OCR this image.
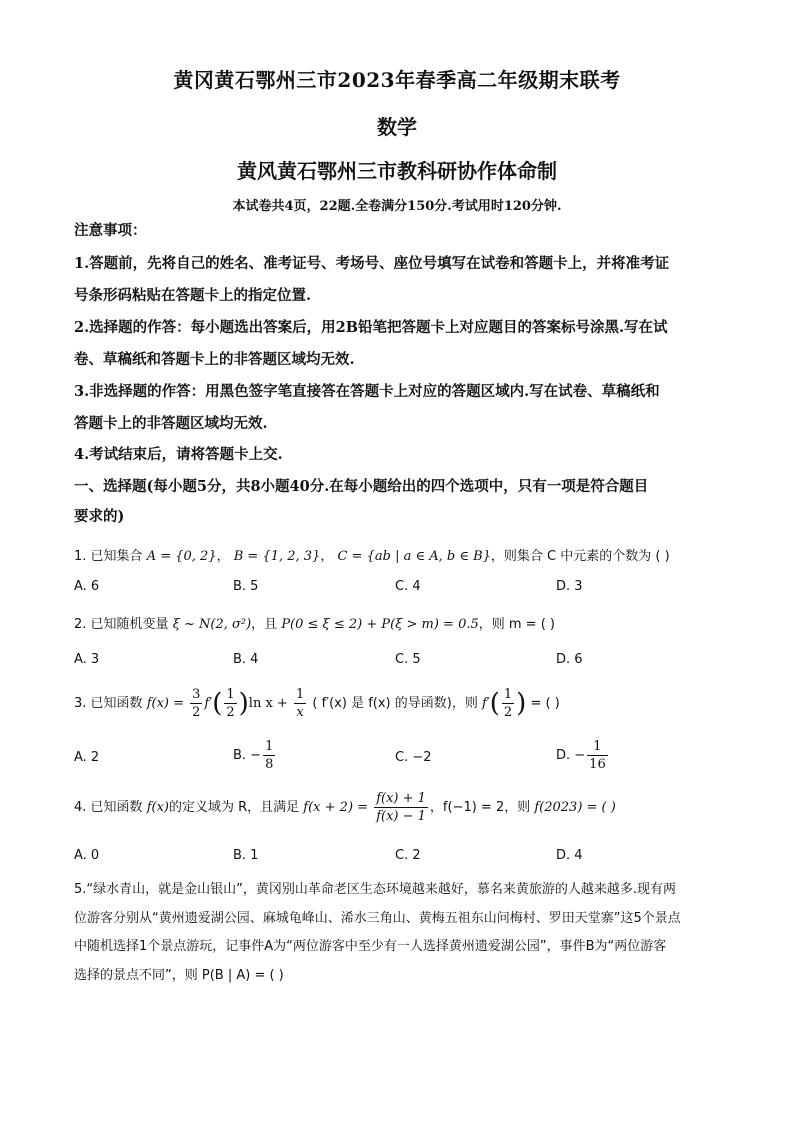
黄冈黄石鄂州三市2023年春季高二年级期末联考
数学
黄风黄石鄂州三市教科研协作体命制
本试卷共4页，22题.全卷满分150分.考试用时120分钟.
注意事项：
1.答题前，先将自己的姓名、准考证号、考场号、座位号填写在试卷和答题卡上，并将准考证
号条形码粘贴在答题卡上的指定位置.
2.选择题的作答：每小题选出答案后，用2B铅笔把答题卡上对应题目的答案标号涂黑.写在试
卷、草稿纸和答题卡上的非答题区域均无效.
3.非选择题的作答：用黑色签字笔直接答在答题卡上对应的答题区域内.写在试卷、草稿纸和
答题卡上的非答题区域均无效.
4.考试结束后，请将答题卡上交.
一、选择题(每小题5分，共8小题40分.在每小题给出的四个选项中，只有一项是符合题目
要求的)
1. 已知集合 A = {0, 2}， B = {1, 2, 3}， C = {ab | a ∈ A, b ∈ B}，则集合 C 中元素的个数为 ( )
A. 6	B. 5	C. 4	D. 3
2. 已知随机变量 ξ ~ N(2, σ²)，且 P(0 ≤ ξ ≤ 2) + P(ξ > m) = 0.5，则 m = ( )
A. 3	B. 4	C. 5	D. 6
3. 已知函数 $f(x) = \frac{3}{2} f'( \frac{1}{2} )\ln$ $x + \frac{1}{x}$ ( f′(x) 是 f(x) 的导函数)，则 $f'( \frac{1}{2}$ ) = ( )
A. 2	B. − $\frac{1}{8}$	C. −2	D. − $\frac{1}{16}$
4. 已知函数 f(x)的定义域为 R，且满足 $f(x + 2) = \frac{f(x) + 1}{f(x) - 1}$ ，f(−1) = 2，则 f(2023) = ( )
A. 0	B. 1	C. 2	D. 4
5.“绿水青山，就是金山银山”，黄冈别山革命老区生态环境越来越好，慕名来黄旅游的人越来越多.现有两
位游客分别从“黄州遗爱湖公园、麻城龟峰山、浠水三角山、黄梅五祖东山问梅村、罗田天堂寨”这5个景点
中随机选择1个景点游玩，记事件A为“两位游客中至少有一人选择黄州遗爱湖公园”，事件B为“两位游客
选择的景点不同”，则 P(B | A) = ( )
